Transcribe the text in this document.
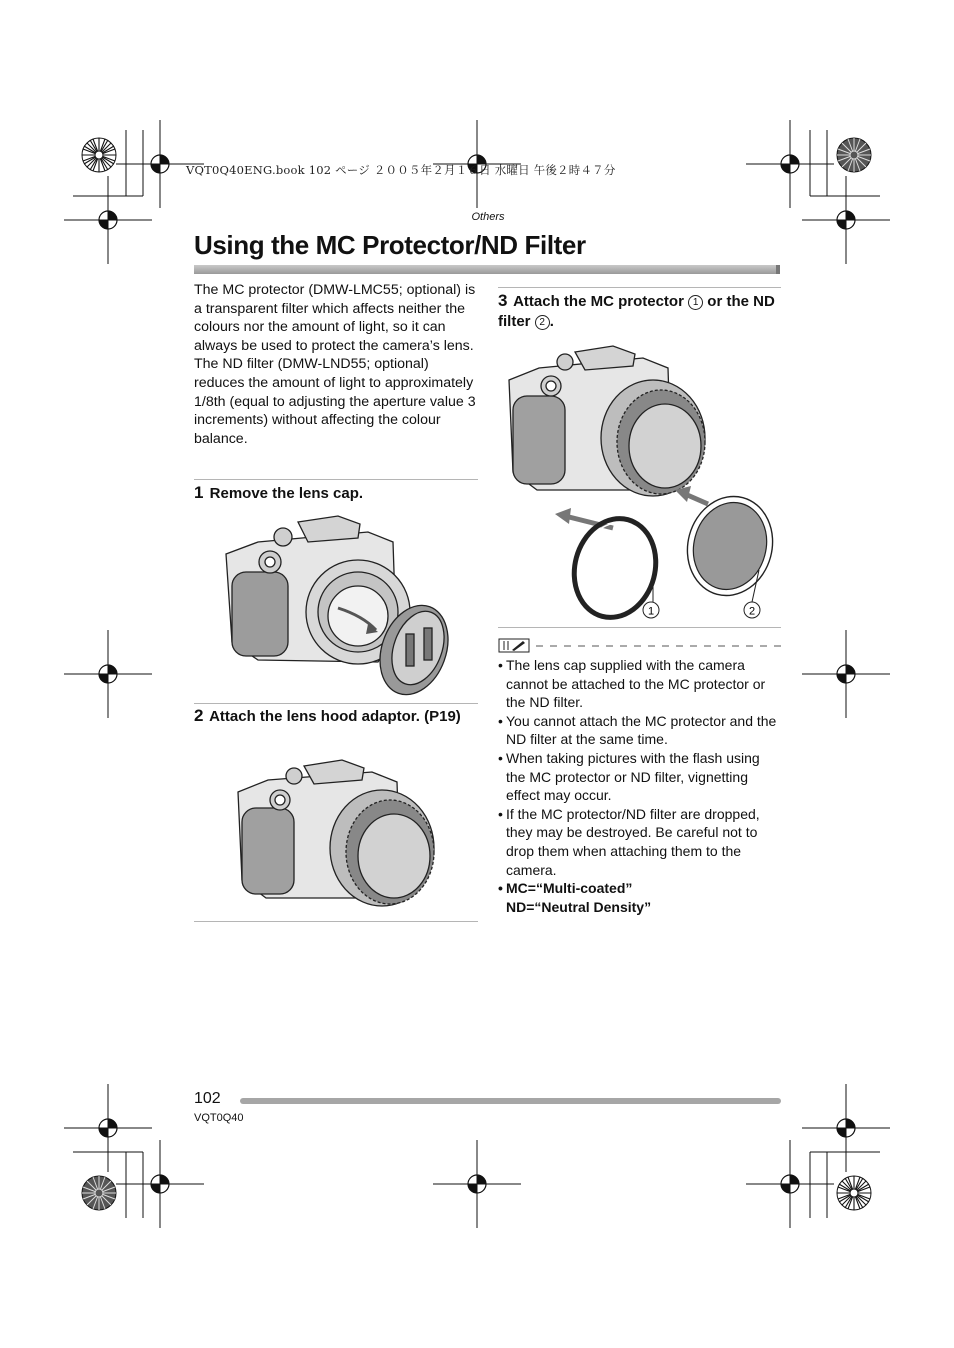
VQT0Q40ENG.book 102 ページ ２００５年２月１６日 水曜日 午後２時４７分
Others
Using the MC Protector/ND Filter

The MC protector (DMW-LMC55; optional) is a transparent filter which affects neither the colours nor the amount of light, so it can always be used to protect the camera’s lens.

The ND filter (DMW-LND55; optional) reduces the amount of light to approximately 1/8th (equal to adjusting the aperture value 3 increments) without affecting the colour balance.

1 Remove the lens cap.
2 Attach the lens hood adaptor. (P19)
3 Attach the MC protector 1 or the ND filter 2 .
1	2
• The lens cap supplied with the camera cannot be attached to the MC protector or the ND filter.
• You cannot attach the MC protector and the ND filter at the same time.
• When taking pictures with the flash using the MC protector or ND filter, vignetting effect may occur.
• If the MC protector/ND filter are dropped, they may be destroyed. Be careful not to drop them when attaching them to the camera.
• MC=“Multi-coated”
ND=“Neutral Density”
102
VQT0Q40
